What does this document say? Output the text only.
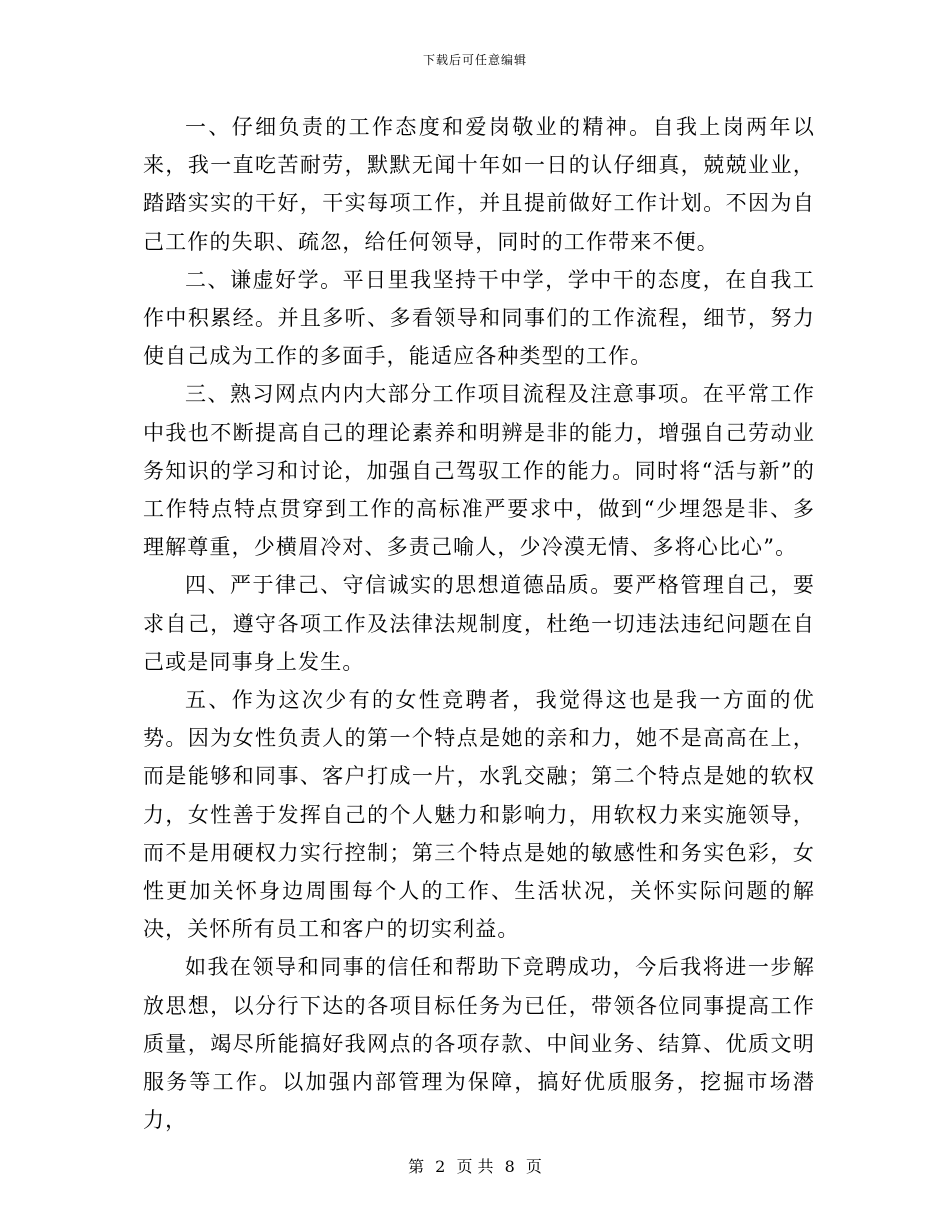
下载后可任意编辑

一、仔细负责的工作态度和爱岗敬业的精神。自我上岗两年以来，我一直吃苦耐劳，默默无闻十年如一日的认仔细真，兢兢业业，踏踏实实的干好，干实每项工作，并且提前做好工作计划。不因为自己工作的失职、疏忽，给任何领导，同时的工作带来不便。

二、谦虚好学。平日里我坚持干中学，学中干的态度，在自我工作中积累经。并且多听、多看领导和同事们的工作流程，细节，努力使自己成为工作的多面手，能适应各种类型的工作。

三、熟习网点内内大部分工作项目流程及注意事项。在平常工作中我也不断提高自己的理论素养和明辨是非的能力，增强自己劳动业务知识的学习和讨论，加强自己驾驭工作的能力。同时将“活与新”的工作特点特点贯穿到工作的高标准严要求中，做到“少埋怨是非、多理解尊重，少横眉冷对、多责己喻人，少冷漠无情、多将心比心”。

四、严于律己、守信诚实的思想道德品质。要严格管理自己，要求自己，遵守各项工作及法律法规制度，杜绝一切违法违纪问题在自己或是同事身上发生。

五、作为这次少有的女性竞聘者，我觉得这也是我一方面的优势。因为女性负责人的第一个特点是她的亲和力，她不是高高在上，而是能够和同事、客户打成一片，水乳交融；第二个特点是她的软权力，女性善于发挥自己的个人魅力和影响力，用软权力来实施领导，而不是用硬权力实行控制；第三个特点是她的敏感性和务实色彩，女性更加关怀身边周围每个人的工作、生活状况，关怀实际问题的解决，关怀所有员工和客户的切实利益。

如我在领导和同事的信任和帮助下竞聘成功，今后我将进一步解放思想，以分行下达的各项目标任务为已任，带领各位同事提高工作质量，竭尽所能搞好我网点的各项存款、中间业务、结算、优质文明服务等工作。以加强内部管理为保障，搞好优质服务，挖掘市场潜力，

第 2 页 共 8 页
